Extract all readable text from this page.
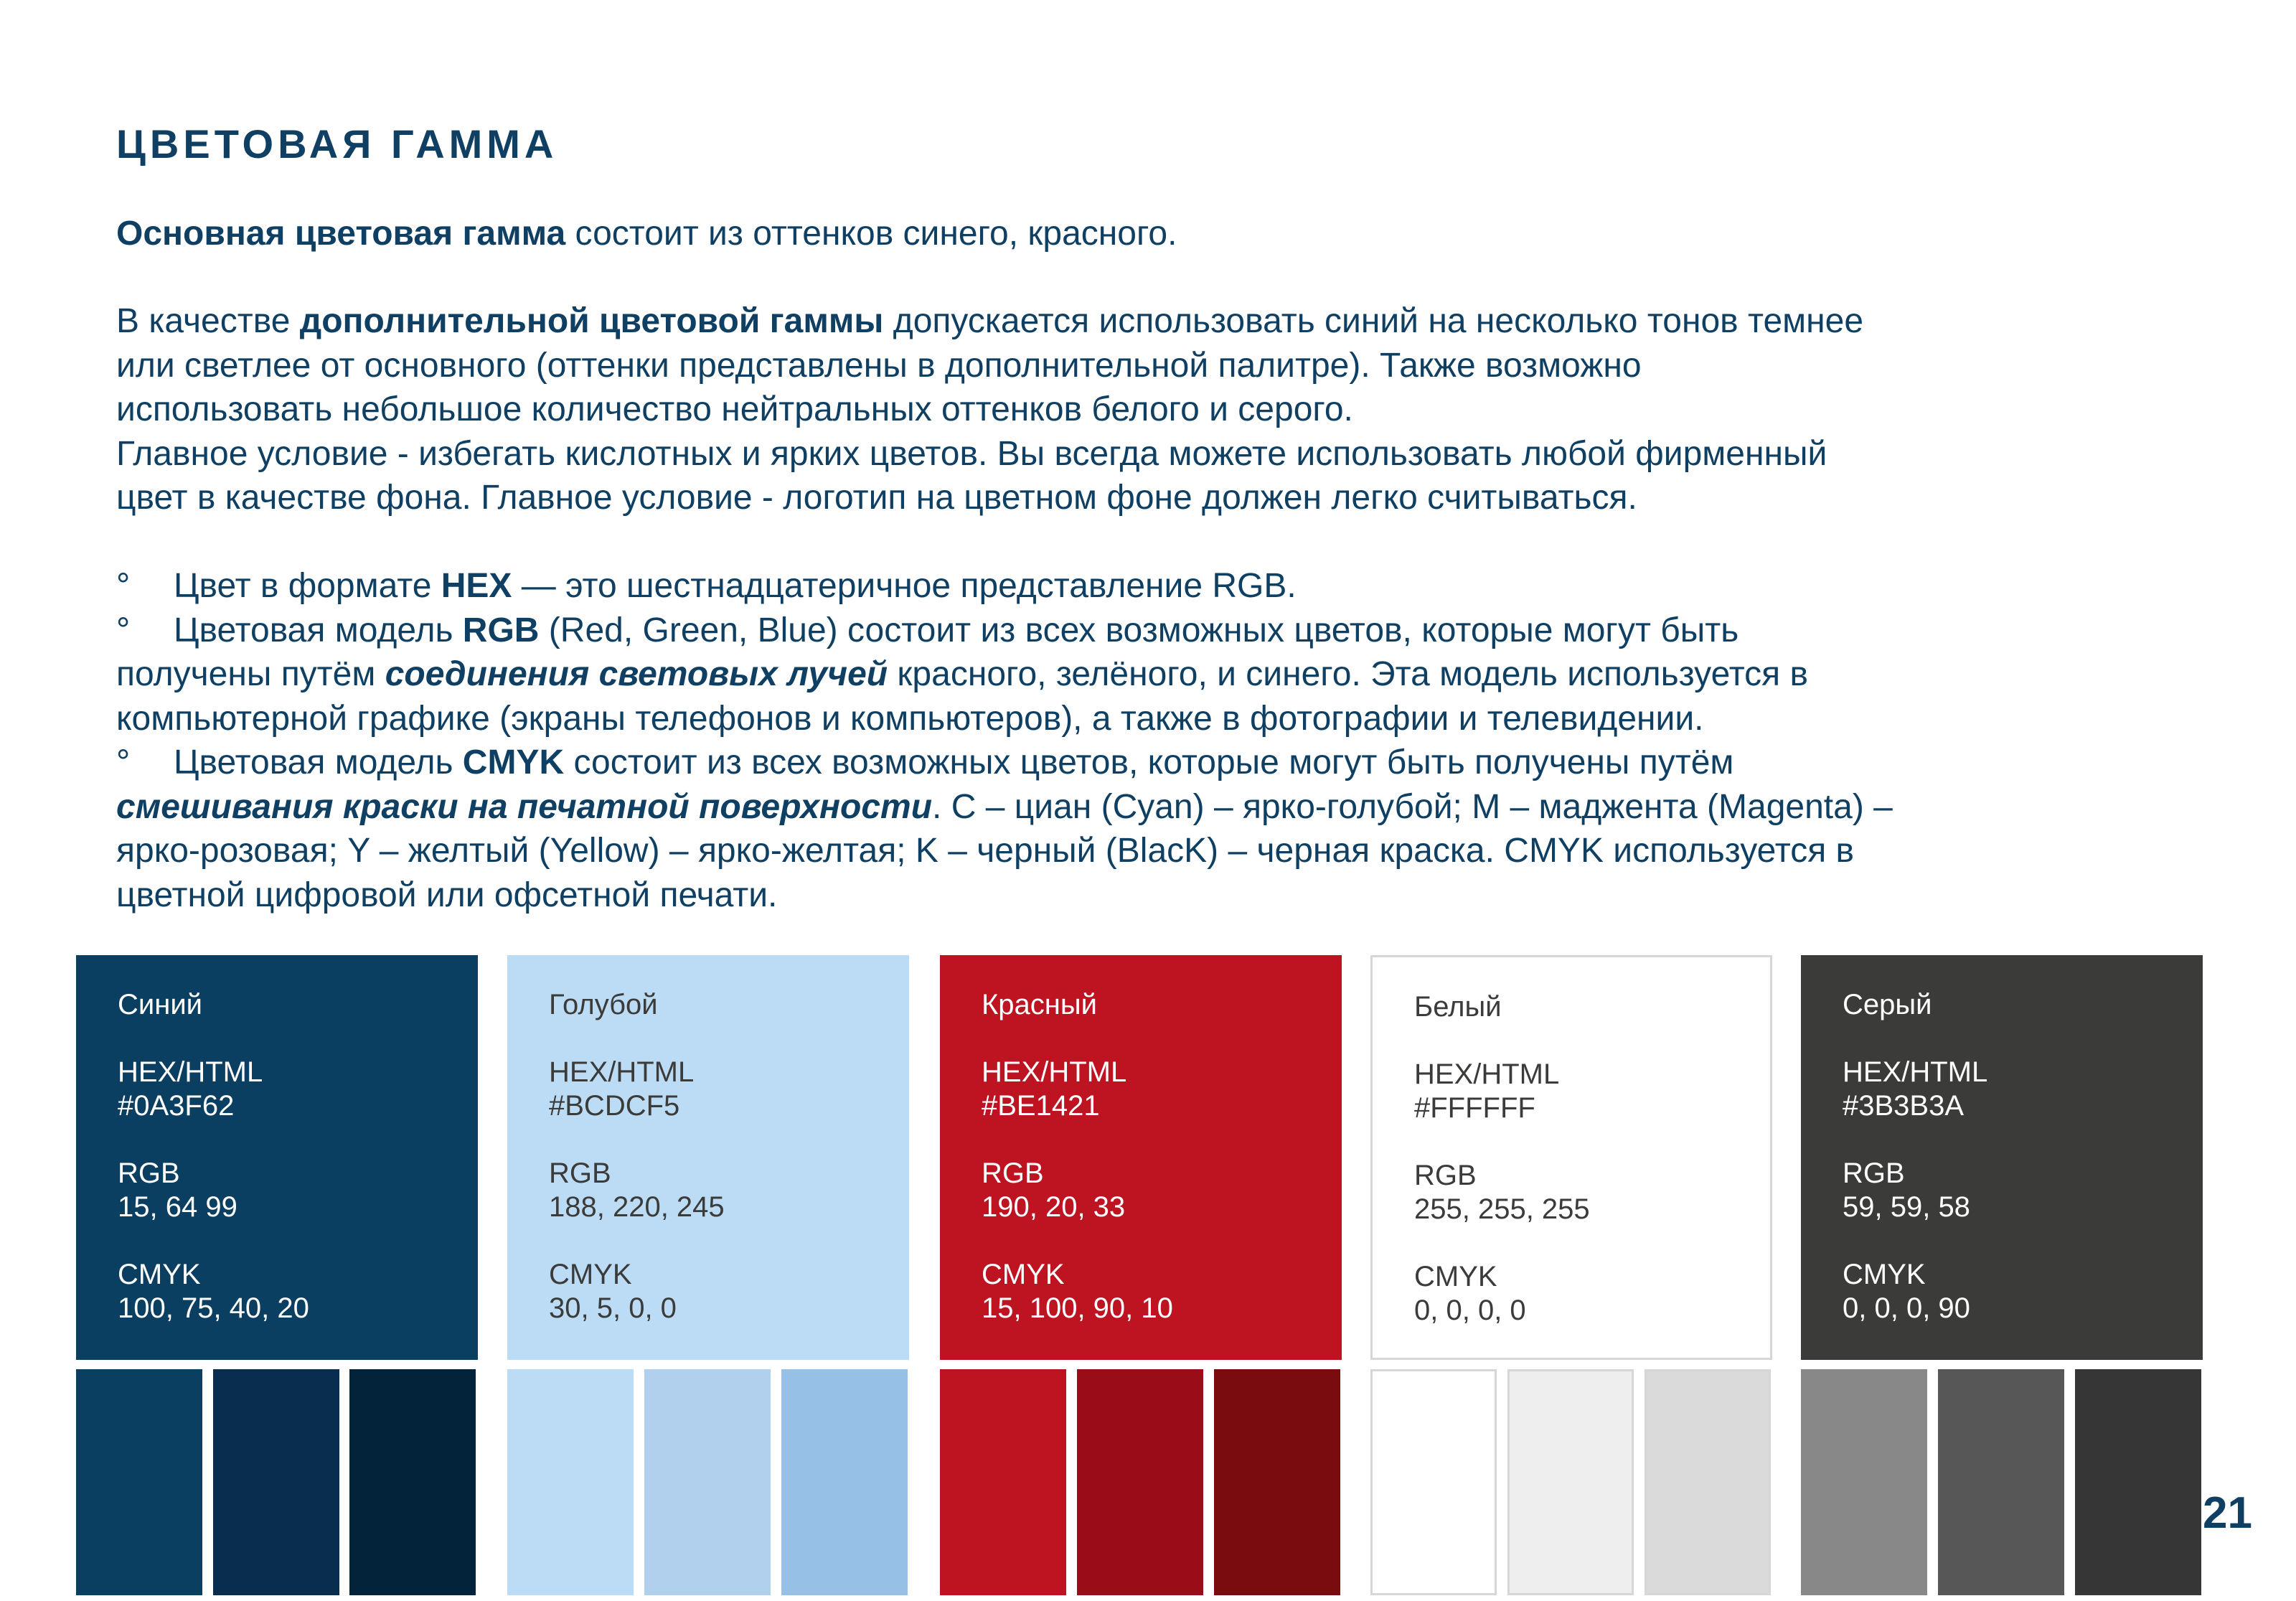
ЦВЕТОВАЯ ГАММА

Основная цветовая гамма состоит из оттенков синего, красного.

В качестве дополнительной цветовой гаммы допускается использовать синий на несколько тонов темнее
или светлее от основного (оттенки представлены в дополнительной палитре). Также возможно
использовать небольшое количество нейтральных оттенков белого и серого.
Главное условие - избегать кислотных и ярких цветов. Вы всегда можете использовать любой фирменный
цвет в качестве фона. Главное условие - логотип на цветном фоне должен легко считываться.

° Цвет в формате HEX — это шестнадцатеричное представление RGB.
° Цветовая модель RGB (Red, Green, Blue) состоит из всех возможных цветов, которые могут быть
получены путём соединения световых лучей красного, зелёного, и синего. Эта модель используется в
компьютерной графике (экраны телефонов и компьютеров), а также в фотографии и телевидении.
° Цветовая модель CMYK состоит из всех возможных цветов, которые могут быть получены путём
смешивания краски на печатной поверхности. C – циан (Cyan) – ярко-голубой; M – маджента (Magenta) –
ярко-розовая; Y – желтый (Yellow) – ярко-желтая; K – черный (BlacK) – черная краска. CMYK используется в
цветной цифровой или офсетной печати.
Синий
HEX/HTML
#0A3F62
RGB
15, 64 99
CMYK
100, 75, 40, 20
Голубой
HEX/HTML
#BCDCF5
RGB
188, 220, 245
CMYK
30, 5, 0, 0
Красный
HEX/HTML
#BE1421
RGB
190, 20, 33
CMYK
15, 100, 90, 10
Белый
HEX/HTML
#FFFFFF
RGB
255, 255, 255
CMYK
0, 0, 0, 0
Серый
HEX/HTML
#3B3B3A
RGB
59, 59, 58
CMYK
0, 0, 0, 90
21
